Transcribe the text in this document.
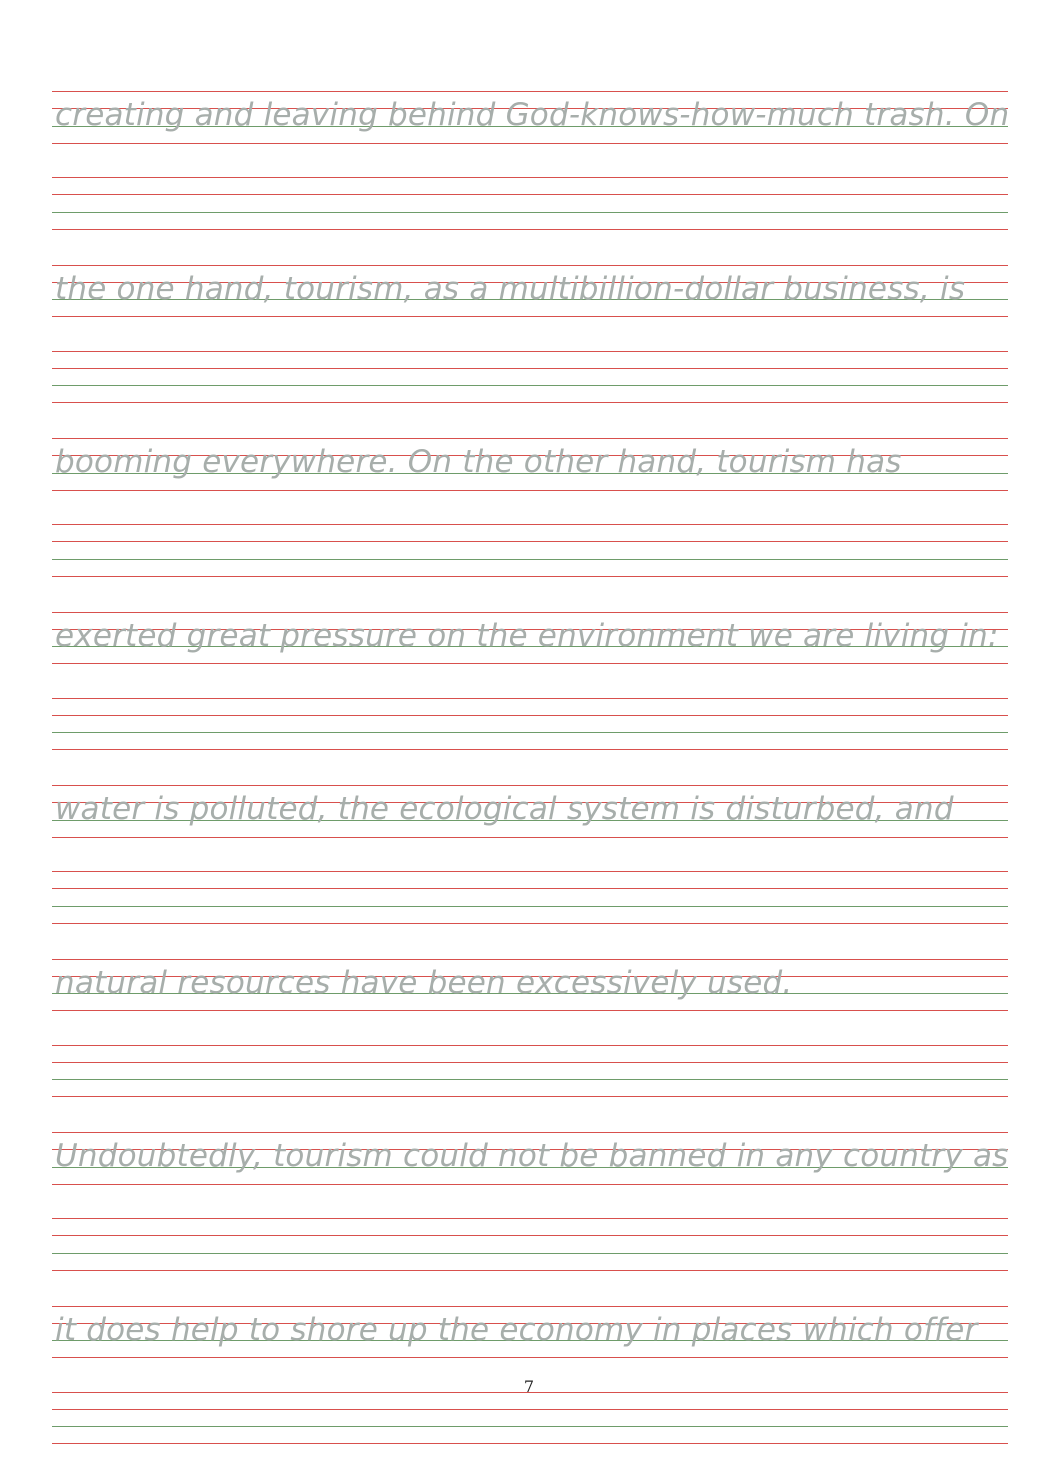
creating and leaving behind God-knows-how-much trash. On
the one hand, tourism, as a multibillion-dollar business, is
booming everywhere. On the other hand, tourism has
exerted great pressure on the environment we are living in:
water is polluted, the ecological system is disturbed, and
natural resources have been excessively used.
Undoubtedly, tourism could not be banned in any country as
it does help to shore up the economy in places which offer
7
